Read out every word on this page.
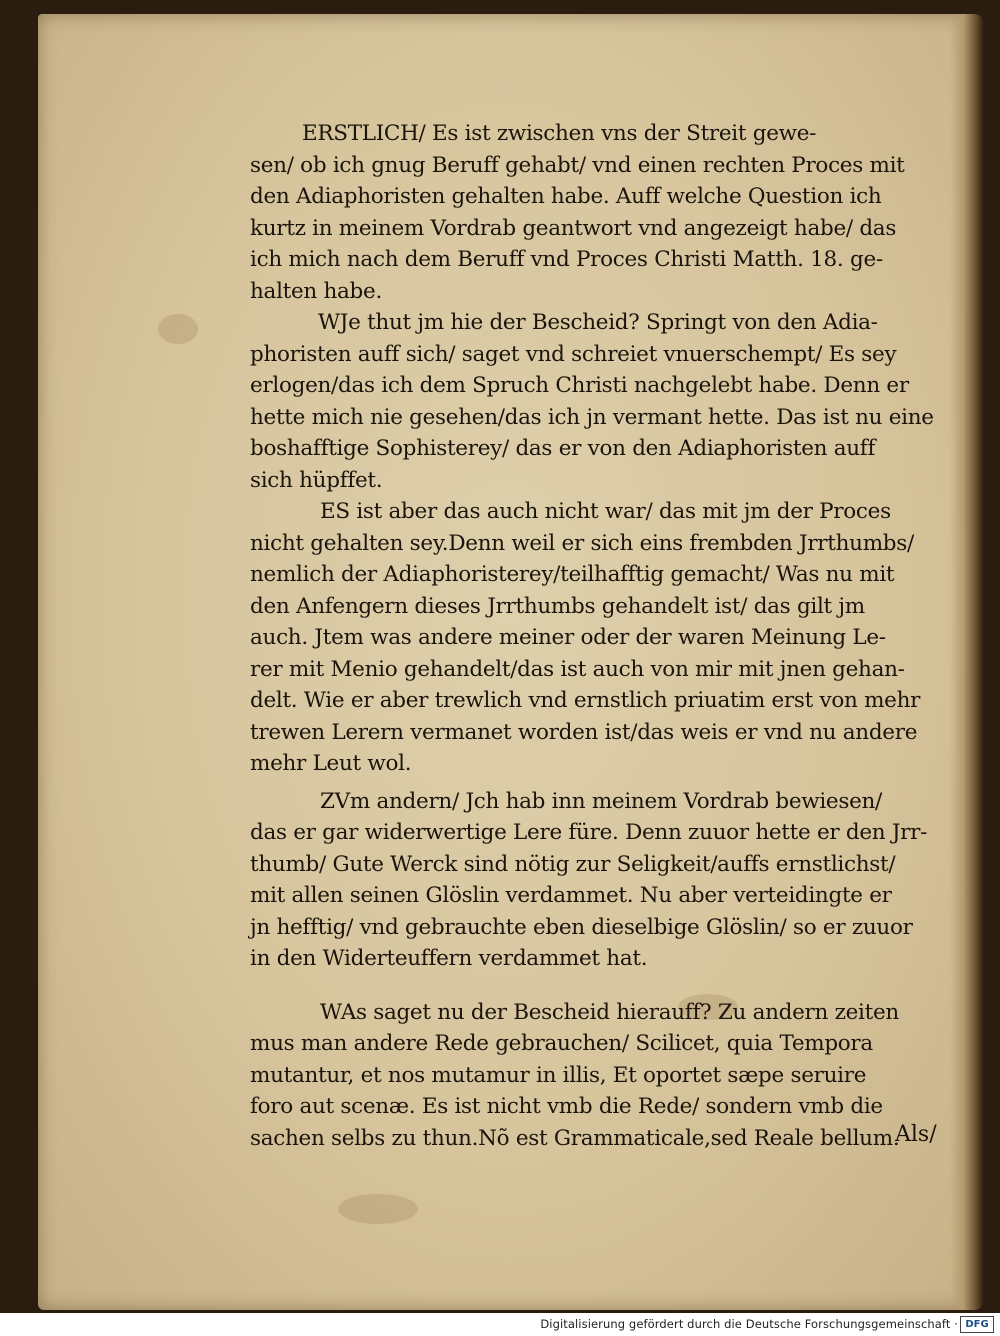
ERSTLICH/ Es ist zwischen vns der Streit gewe-
sen/ ob ich gnug Beruff gehabt/ vnd einen rechten Proces mit
den Adiaphoristen gehalten habe. Auff welche Question ich
kurtz in meinem Vordrab geantwort vnd angezeigt habe/ das
ich mich nach dem Beruff vnd Proces Christi Matth. 18. ge-
halten habe.
WJe thut jm hie der Bescheid? Springt von den Adia-
phoristen auff sich/ saget vnd schreiet vnuerschempt/ Es sey
erlogen/das ich dem Spruch Christi nachgelebt habe. Denn er
hette mich nie gesehen/das ich jn vermant hette. Das ist nu eine
boshafftige Sophisterey/ das er von den Adiaphoristen auff
sich hüpffet.
ES ist aber das auch nicht war/ das mit jm der Proces
nicht gehalten sey.Denn weil er sich eins frembden Jrrthumbs/
nemlich der Adiaphoristerey/teilhafftig gemacht/ Was nu mit
den Anfengern dieses Jrrthumbs gehandelt ist/ das gilt jm
auch. Jtem was andere meiner oder der waren Meinung Le-
rer mit Menio gehandelt/das ist auch von mir mit jnen gehan-
delt. Wie er aber trewlich vnd ernstlich priuatim erst von mehr
trewen Lerern vermanet worden ist/das weis er vnd nu andere
mehr Leut wol.
ZVm andern/ Jch hab inn meinem Vordrab bewiesen/
das er gar widerwertige Lere füre. Denn zuuor hette er den Jrr-
thumb/ Gute Werck sind nötig zur Seligkeit/auffs ernstlichst/
mit allen seinen Glöslin verdammet. Nu aber verteidingte er
jn hefftig/ vnd gebrauchte eben dieselbige Glöslin/ so er zuuor
in den Widerteuffern verdammet hat.
WAs saget nu der Bescheid hierauff? Zu andern zeiten
mus man andere Rede gebrauchen/ Scilicet, quia Tempora
mutantur, et nos mutamur in illis, Et oportet sæpe seruire
foro aut scenæ. Es ist nicht vmb die Rede/ sondern vmb die
sachen selbs zu thun.Nõ est Grammaticale,sed Reale bellum.
Als/
Digitalisierung gefördert durch die Deutsche Forschungsgemeinschaft · DFG
